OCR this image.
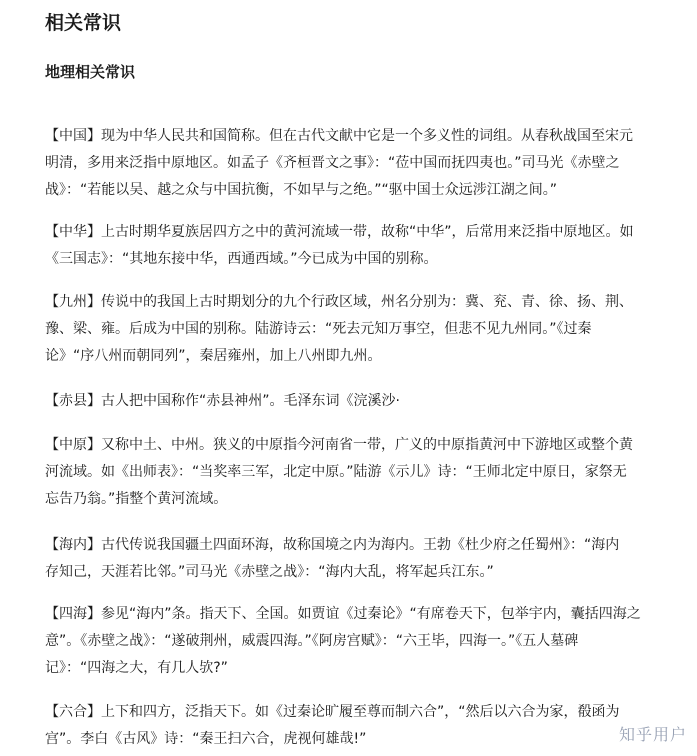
相关常识
地理相关常识
【中国】现为中华人民共和国简称。但在古代文献中它是一个多义性的词组。从春秋战国至宋元
明清，多用来泛指中原地区。如孟子《齐桓晋文之事》：“莅中国而抚四夷也。”司马光《赤壁之
战》：“若能以吴、越之众与中国抗衡，不如早与之绝。”“驱中国士众远涉江湖之间。”
【中华】上古时期华夏族居四方之中的黄河流域一带，故称“中华”，后常用来泛指中原地区。如
《三国志》：“其地东接中华，西通西域。”今已成为中国的别称。
【九州】传说中的我国上古时期划分的九个行政区域，州名分别为：冀、兖、青、徐、扬、荆、
豫、梁、雍。后成为中国的别称。陆游诗云：“死去元知万事空，但悲不见九州同。”《过秦
论》“序八州而朝同列”，秦居雍州，加上八州即九州。
【赤县】古人把中国称作“赤县神州”。毛泽东词《浣溪沙·
【中原】又称中土、中州。狭义的中原指今河南省一带，广义的中原指黄河中下游地区或整个黄
河流域。如《出师表》：“当奖率三军，北定中原。”陆游《示儿》诗：“王师北定中原日，家祭无
忘告乃翁。”指整个黄河流域。
【海内】古代传说我国疆土四面环海，故称国境之内为海内。王勃《杜少府之任蜀州》：“海内
存知己，天涯若比邻。”司马光《赤壁之战》：“海内大乱，将军起兵江东。”
【四海】参见“海内”条。指天下、全国。如贾谊《过秦论》“有席卷天下，包举宇内，囊括四海之
意”。《赤壁之战》：“遂破荆州，威震四海。”《阿房宫赋》：“六王毕，四海一。”《五人墓碑
记》：“四海之大，有几人欤?”
【六合】上下和四方，泛指天下。如《过秦论旷履至尊而制六合”，“然后以六合为家，殽函为
宫”。李白《古风》诗：“秦王扫六合，虎视何雄哉!”	知乎用户
